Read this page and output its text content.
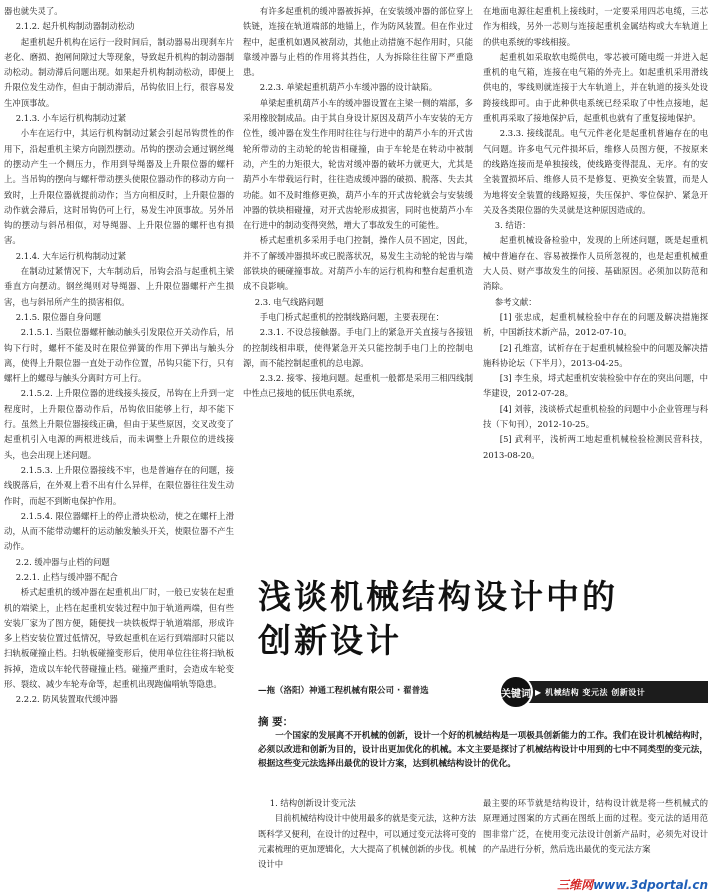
器也就失灵了。

2.1.2. 起升机构制动器制动松动

起重机起升机构在运行一段时间后，制动器易出现刹车片老化、磨损、抱闸间隙过大等现象，导致起升机构的制动器制动松动。制动滞后问题出现。如果起升机构制动松动，即便上升限位发生动作，但由于制动滞后，吊钩依旧上行，很容易发生冲顶事故。

2.1.3. 小车运行机构制动过紧

小车在运行中，其运行机构制动过紧会引起吊钩贯性的作用下，沿起重机主梁方向剧烈摆动。吊钩的摆动会通过钢丝绳的摆动产生一个侧压力，作用到导绳器及上升限位器的螺杆上。当吊钩的摆向与螺杆带动摆头使限位器动作的移动方向一致时，上升限位器就提前动作；当方向相反时，上升限位器的动作就会滞后，这时吊钩仍可上行，易发生冲顶事故。另外吊钩的摆动与斜吊相似，对导绳器、上升限位器的螺杆也有损害。

2.1.4. 大车运行机构制动过紧

在制动过紧情况下，大车制动后，吊钩会沿与起重机主梁垂直方向摆动。钢丝绳则对导绳器、上升限位器螺杆产生损害，也与斜吊所产生的损害相似。

2.1.5. 限位器自身问题

2.1.5.1. 当限位器螺杆触动触头引发限位开关动作后，吊钩下行时，螺杆不能及时在限位弹簧的作用下弹出与触头分离，使得上升限位器一直处于动作位置，吊钩只能下行，只有螺杆上的螺母与触头分离时方可上行。

2.1.5.2. 上升限位器的进线接头接反，吊钩在上升到一定程度时，上升限位器动作后，吊钩依旧能够上行，却不能下行。虽然上升限位器接线正确，但由于某些原因，交叉改变了起重机引入电源的两根进线后，而未调整上升限位的进线接头，也会出现上述问题。

2.1.5.3. 上升限位器接线不牢，也是普遍存在的问题，接线脱落后，在外观上看不出有什么异样，在限位器往往发生动作时，而起不到断电保护作用。

2.1.5.4. 限位器螺杆上的停止滑块松动，使之在螺杆上滑动，从而不能带动螺杆的运动触发触头开关，使限位器不产生动作。

2.2. 缓冲器与止档的问题

2.2.1. 止档与缓冲器不配合

桥式起重机的缓冲器在起重机出厂时，一般已安装在起重机的端梁上，止档在起重机安装过程中加于轨道两端，但有些安装厂家为了图方便，随便找一块铁板焊于轨道端部，形成许多上档安装位置过低情况，导致起重机在运行到端部时只能以扫轨板碰撞止档。扫轨板碰撞变形后，使用单位往往将扫轨板拆掉，造成以车轮代替碰撞止档。碰撞严重时，会造成车轮变形、裂纹、减少车轮寿命等，起重机出现跑偏啃轨等隐患。

2.2.2. 防风装置取代缓冲器

有许多起重机的缓冲器被拆掉，在安装缓冲器的部位穿上铁链，连接在轨道端部的地锚上，作为防风装置。但在作业过程中，起重机如遇风被刮动，其他止动措施不起作用时，只能靠缓冲器与止档的作用将其挡住，人为拆除往往留下严重隐患。

2.2.3. 单梁起重机葫芦小车缓冲器的设计缺陷。

单梁起重机葫芦小车的缓冲器设置在主梁一侧的端部，多采用橡胶制成品。由于其自身设计原因及葫芦小车安装的无方位性，缓冲器在发生作用时往往与行进中的葫芦小车的开式齿轮所带动的主动轮的轮齿相碰撞，由于车轮是在转动中被制动，产生的力矩很大，轮齿对缓冲器的破坏力就更大，尤其是葫芦小车带载运行时，往往造成缓冲器的破损、脱落、失去其功能。如不及时维修更换，葫芦小车的开式齿轮就会与安装缓冲器的铁块相碰撞，对开式齿轮形成损害，同时也使葫芦小车在行进中的制动变得突然，增大了事故发生的可能性。

桥式起重机多采用手电门控制，操作人员不固定，因此，并不了解缓冲器损坏或已脱落状况，易发生主动轮的轮齿与端部铁块的硬碰撞事故。对葫芦小车的运行机构和整台起重机造成不良影响。

2.3. 电气线路问题

手电门桥式起重机的控制线路问题，主要表现在：

2.3.1. 不设总接触器。手电门上的紧急开关直接与各接钮的控制线相串联，使得紧急开关只能控制手电门上的控制电源，而不能控制起重机的总电源。

2.3.2. 接零、接地问题。起重机一般都是采用三相四线制中性点已接地的低压供电系统，

在地面电源往起重机上接线时，一定要采用四芯电缆，三芯作为相线，另外一芯则与连接起重机金属结构或大车轨道上的供电系统的零线相接。

起重机如采取软电缆供电，零芯被可随电缆一并进入起重机的电气箱，连接在电气箱的外壳上。如起重机采用滑线供电的，零线则就连接于大车轨道上，并在轨道的接头处设跨接线即可。由于此种供电系统已经采取了中性点接地，起重机再采取了接地保护后，起重机也就有了重复接地保护。

2.3.3. 接线混乱。电气元件老化是起重机普遍存在的电气问题。许多电气元件损坏后，维修人员图方便，不按原来的线路连接而是单独接线，使线路变得混乱、无序。有的安全装置损坏后、维修人员不是修复、更换安全装置，而是人为地将安全装置的线路短接，失压保护、零位保护、紧急开关及各类限位器的失灵就是这种原因造成的。

3. 结语：

起重机械设备检验中，发现的上所述问题，既是起重机械中普遍存在、容易被操作人员所忽视的，也是起重机械重大人员、财产事故发生的问接、基础原因。必须加以防范和消除。

参考文献：

[1] 张忠成，起重机械检验中存在的问题及解决措施探析，中国新技术新产品，2012-07-10。

[2] 孔维富，试析存在于起重机械检验中的问题及解决措施科协论坛（下半月），2013-04-25。

[3] 李生泉，埒式起重机安装检验中存在的突出问题，中华建设，2012-07-28。

[4] 刘蓉，浅谈桥式起重机检验的问题中小企业管理与科技（下旬刊），2012-10-25。

[5] 武利平，浅析两工地起重机械检验检测民营科技，2013-08-20。

浅谈机械结构设计中的
创新设计
—拖（洛阳）神通工程机械有限公司 · 翟普选	关键词 ▶ 机械结构 变元法 创新设计
摘 要：
一个国家的发展离不开机械的创新，设计一个好的机械结构是一项极具创新能力的工作。我们在设计机械结构时，必须以改进和创新为目的，设计出更加优化的机械。本文主要是探讨了机械结构设计中用到的七中不同类型的变元法，根据这些变元法选择出最优的设计方案，达到机械结构设计的优化。

1. 结构创新设计变元法

目前机械结构设计中使用最多的就是变元法，这种方法既科学又便利，在设计的过程中，可以通过变元法将可变的元素梳理的更加逻辑化，大大提高了机械创新的步伐。机械设计中

最主要的环节就是结构设计，结构设计就是将一些机械式的原理通过图案的方式画在图纸上面的过程。变元法的适用范围非常广泛，在使用变元法设计创新产品时，必须先对设计的产品进行分析，然后选出最优的变元法方案

三维网www.3dportal.cn
